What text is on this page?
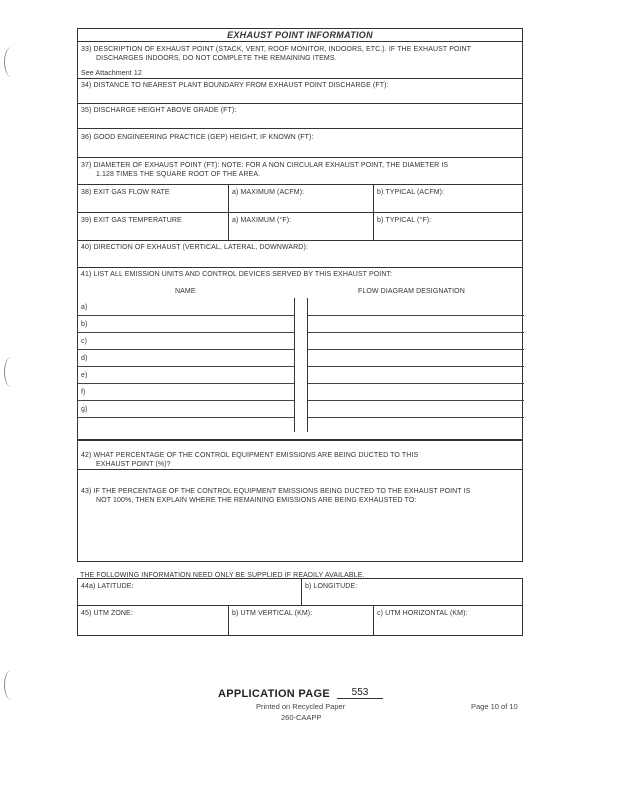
EXHAUST POINT INFORMATION
33) DESCRIPTION OF EXHAUST POINT (STACK, VENT, ROOF MONITOR, INDOORS, ETC.). IF THE EXHAUST POINT
DISCHARGES INDOORS, DO NOT COMPLETE THE REMAINING ITEMS.
See Attachment 12
34) DISTANCE TO NEAREST PLANT BOUNDARY FROM EXHAUST POINT DISCHARGE (FT):
35) DISCHARGE HEIGHT ABOVE GRADE (FT):
36) GOOD ENGINEERING PRACTICE (GEP) HEIGHT, IF KNOWN (FT):
37) DIAMETER OF EXHAUST POINT (FT): NOTE: FOR A NON CIRCULAR EXHAUST POINT, THE DIAMETER IS
1.128 TIMES THE SQUARE ROOT OF THE AREA.
38) EXIT GAS FLOW RATE	a) MAXIMUM (ACFM):	b) TYPICAL (ACFM):
39) EXIT GAS TEMPERATURE	a) MAXIMUM (°F):	b) TYPICAL (°F):
40) DIRECTION OF EXHAUST (VERTICAL, LATERAL, DOWNWARD):
41) LIST ALL EMISSION UNITS AND CONTROL DEVICES SERVED BY THIS EXHAUST POINT:
NAME	FLOW DIAGRAM DESIGNATION
a)
b)
c)
d)
e)
f)
g)
42) WHAT PERCENTAGE OF THE CONTROL EQUIPMENT EMISSIONS ARE BEING DUCTED TO THIS
EXHAUST POINT (%)?
43) IF THE PERCENTAGE OF THE CONTROL EQUIPMENT EMISSIONS BEING DUCTED TO THE EXHAUST POINT IS
NOT 100%, THEN EXPLAIN WHERE THE REMAINING EMISSIONS ARE BEING EXHAUSTED TO:
THE FOLLOWING INFORMATION NEED ONLY BE SUPPLIED IF READILY AVAILABLE.
44a) LATITUDE:	b) LONGITUDE:
45) UTM ZONE:	b) UTM VERTICAL (KM):	c) UTM HORIZONTAL (KM):
APPLICATION PAGE	553
Printed on Recycled Paper
260-CAAPP
Page 10 of 10
